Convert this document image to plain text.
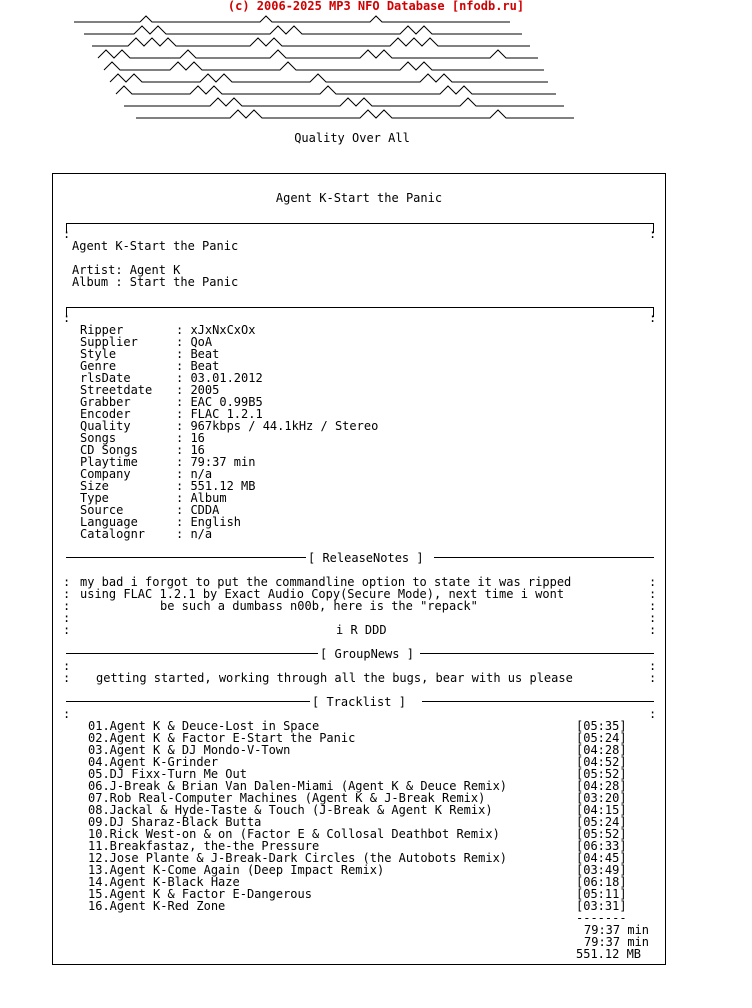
(c) 2006-2025 MP3 NFO Database [nfodb.ru]
Quality Over All
Agent K-Start the Panic
Agent K-Start the Panic
Artist: Agent K
Album : Start the Panic
Ripper	: xJxNxCxOx
Supplier	: QoA
Style	: Beat
Genre	: Beat
rlsDate	: 03.01.2012
Streetdate : 2005
Grabber	: EAC 0.99B5
Encoder	: FLAC 1.2.1
Quality	: 967kbps / 44.1kHz / Stereo
Songs	: 16
CD Songs	: 16
Playtime	: 79:37 min
Company	: n/a
Size	: 551.12 MB
Type	: Album
Source	: CDDA
Language	: English
Catalognr	: n/a
[ ReleaseNotes ]
my bad i forgot to put the commandline option to state it was ripped
using FLAC 1.2.1 by Exact Audio Copy(Secure Mode), next time i wont
be such a dumbass n00b, here is the "repack"
i R DDD
[ GroupNews ]
getting started, working through all the bugs, bear with us please
[ Tracklist ]
01.Agent K & Deuce-Lost in Space	[05:35]
02.Agent K & Factor E-Start the Panic	[05:24]
03.Agent K & DJ Mondo-V-Town	[04:28]
04.Agent K-Grinder	[04:52]
05.DJ Fixx-Turn Me Out	[05:52]
06.J-Break & Brian Van Dalen-Miami (Agent K & Deuce Remix)	[04:28]
07.Rob Real-Computer Machines (Agent K & J-Break Remix)	[03:20]
08.Jackal & Hyde-Taste & Touch (J-Break & Agent K Remix)	[04:15]
09.DJ Sharaz-Black Butta	[05:24]
10.Rick West-on & on (Factor E & Collosal Deathbot Remix)	[05:52]
11.Breakfastaz, the-the Pressure	[06:33]
12.Jose Plante & J-Break-Dark Circles (the Autobots Remix)	[04:45]
13.Agent K-Come Again (Deep Impact Remix)	[03:49]
14.Agent K-Black Haze	[06:18]
15.Agent K & Factor E-Dangerous	[05:11]
16.Agent K-Red Zone	[03:31]
-------
79:37 min
79:37 min
551.12 MB
:	:
:	:
:	:
:	:
:	:
:	:
:	:
:	:
:	:
:	:
